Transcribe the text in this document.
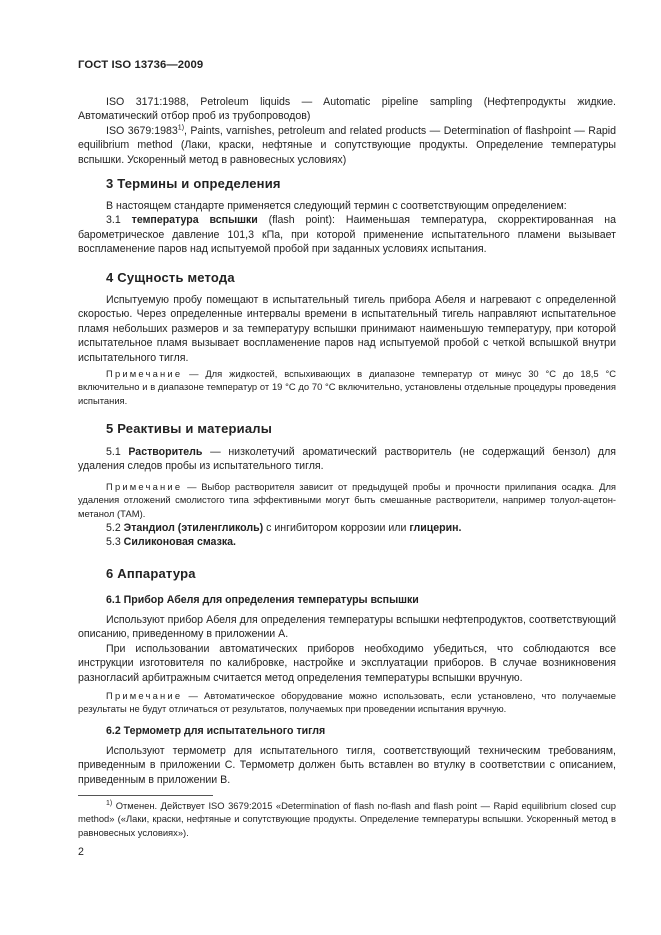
ГОСТ ISO 13736—2009

ISO 3171:1988, Petroleum liquids — Automatic pipeline sampling (Нефтепродукты жидкие. Автоматический отбор проб из трубопроводов)

ISO 3679:1983$^{1)}$, Paints, varnishes, petroleum and related products — Determination of flashpoint — Rapid equilibrium method (Лаки, краски, нефтяные и сопутствующие продукты. Определение температуры вспышки. Ускоренный метод в равновесных условиях)

3 Термины и определения

В настоящем стандарте применяется следующий термин с соответствующим определением:

3.1 температура вспышки (flash point): Наименьшая температура, скорректированная на барометрическое давление 101,3 кПа, при которой применение испытательного пламени вызывает воспламенение паров над испытуемой пробой при заданных условиях испытания.

4 Сущность метода

Испытуемую пробу помещают в испытательный тигель прибора Абеля и нагревают с определенной скоростью. Через определенные интервалы времени в испытательный тигель направляют испытательное пламя небольших размеров и за температуру вспышки принимают наименьшую температуру, при которой испытательное пламя вызывает воспламенение паров над испытуемой пробой с четкой вспышкой внутри испытательного тигля.

Примечание — Для жидкостей, вспыхивающих в диапазоне температур от минус 30 °С до 18,5 °С включительно и в диапазоне температур от 19 °С до 70 °С включительно, установлены отдельные процедуры проведения испытания.

5 Реактивы и материалы

5.1 Растворитель — низколетучий ароматический растворитель (не содержащий бензол) для удаления следов пробы из испытательного тигля.

Примечание — Выбор растворителя зависит от предыдущей пробы и прочности прилипания осадка. Для удаления отложений смолистого типа эффективными могут быть смешанные растворители, например толуол-ацетон-метанол (ТАМ).

5.2 Этандиол (этиленгликоль) с ингибитором коррозии или глицерин.

5.3 Силиконовая смазка.

6 Аппаратура
6.1 Прибор Абеля для определения температуры вспышки

Используют прибор Абеля для определения температуры вспышки нефтепродуктов, соответствующий описанию, приведенному в приложении А.

При использовании автоматических приборов необходимо убедиться, что соблюдаются все инструкции изготовителя по калибровке, настройке и эксплуатации приборов. В случае возникновения разногласий арбитражным считается метод определения температуры вспышки вручную.

Примечание — Автоматическое оборудование можно использовать, если установлено, что получаемые результаты не будут отличаться от результатов, получаемых при проведении испытания вручную.

6.2 Термометр для испытательного тигля

Используют термометр для испытательного тигля, соответствующий техническим требованиям, приведенным в приложении С. Термометр должен быть вставлен во втулку в соответствии с описанием, приведенным в приложении В.

$^{1)}$ Отменен. Действует ISO 3679:2015 «Determination of flash no-flash and flash point — Rapid equilibrium closed cup method» («Лаки, краски, нефтяные и сопутствующие продукты. Определение температуры вспышки. Ускоренный метод в равновесных условиях»).

2
